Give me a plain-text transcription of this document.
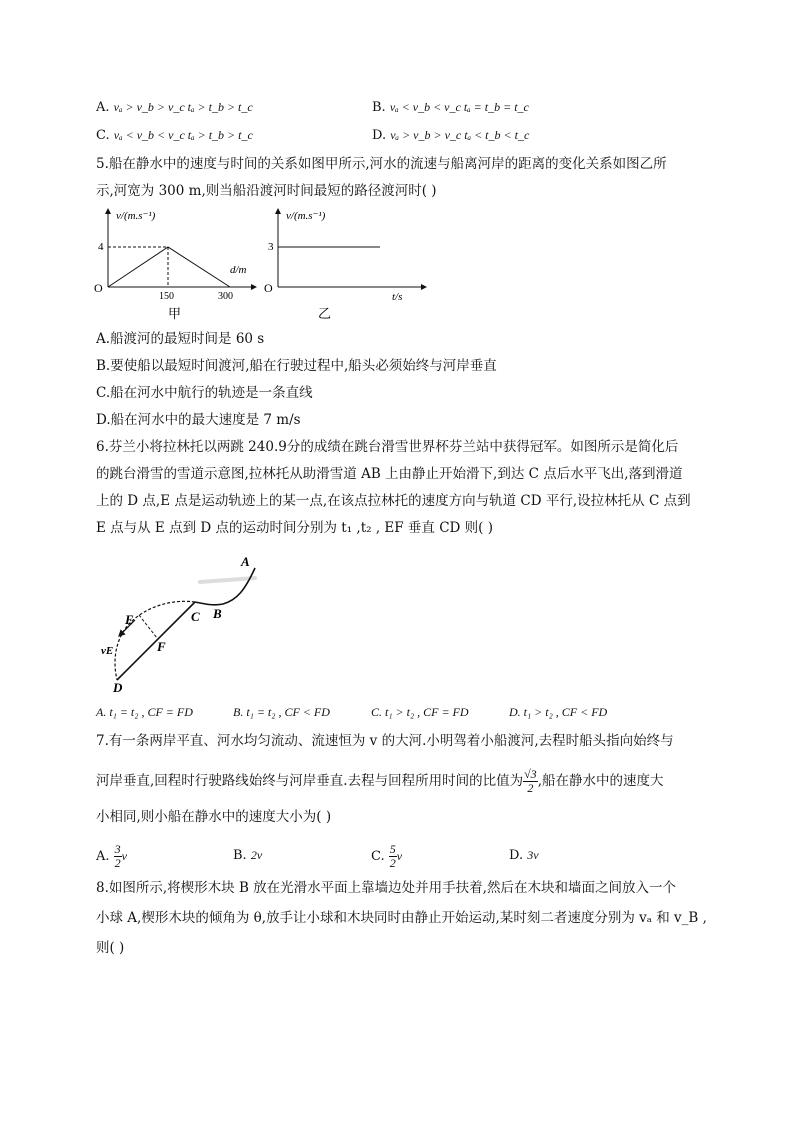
A. vₐ > v_b > v_c tₐ > t_b > t_c	B. vₐ < v_b < v_c tₐ = t_b = t_c
C. vₐ < v_b < v_c tₐ > t_b > t_c	D. vₐ > v_b > v_c tₐ < t_b < t_c
5.船在静水中的速度与时间的关系如图甲所示,河水的流速与船离河岸的距离的变化关系如图乙所
示,河宽为 300 m,则当船沿渡河时间最短的路径渡河时( )
v/(m.s⁻¹)
4
O
d/m
150	300
甲
v/(m.s⁻¹)
3
O
t/s
乙
A.船渡河的最短时间是 60 s
B.要使船以最短时间渡河,船在行驶过程中,船头必须始终与河岸垂直
C.船在河水中航行的轨迹是一条直线
D.船在河水中的最大速度是 7 m/s
6.芬兰小将拉林托以两跳 240.9分的成绩在跳台滑雪世界杯芬兰站中获得冠军。如图所示是简化后
的跳台滑雪的雪道示意图,拉林托从助滑雪道 AB 上由静止开始滑下,到达 C 点后水平飞出,落到滑道
上的 D 点,E 点是运动轨迹上的某一点,在该点拉林托的速度方向与轨道 CD 平行,设拉林托从 C 点到
E 点与从 E 点到 D 点的运动时间分别为 t₁ ,t₂ , EF 垂直 CD 则( )
A
B
C
E
F
vE
D
A. t₁ = t₂ , CF = FD	B. t₁ = t₂ , CF < FD	C. t₁ > t₂ , CF = FD	D. t₁ > t₂ , CF < FD
7.有一条两岸平直、河水均匀流动、流速恒为 v 的大河.小明驾着小船渡河,去程时船头指向始终与
河岸垂直,回程时行驶路线始终与河岸垂直.去程与回程所用时间的比值为 $\frac{√3}{2}$ ,船在静水中的速度大
小相同,则小船在静水中的速度大小为( )
A. $\frac{3}{2}$ v	B. 2v	C. $\frac{5}{2}$ v	D. 3v
8.如图所示,将楔形木块 B 放在光滑水平面上靠墙边处并用手扶着,然后在木块和墙面之间放入一个
小球 A,楔形木块的倾角为 θ,放手让小球和木块同时由静止开始运动,某时刻二者速度分别为 vₐ 和 v_B ,
则( )
